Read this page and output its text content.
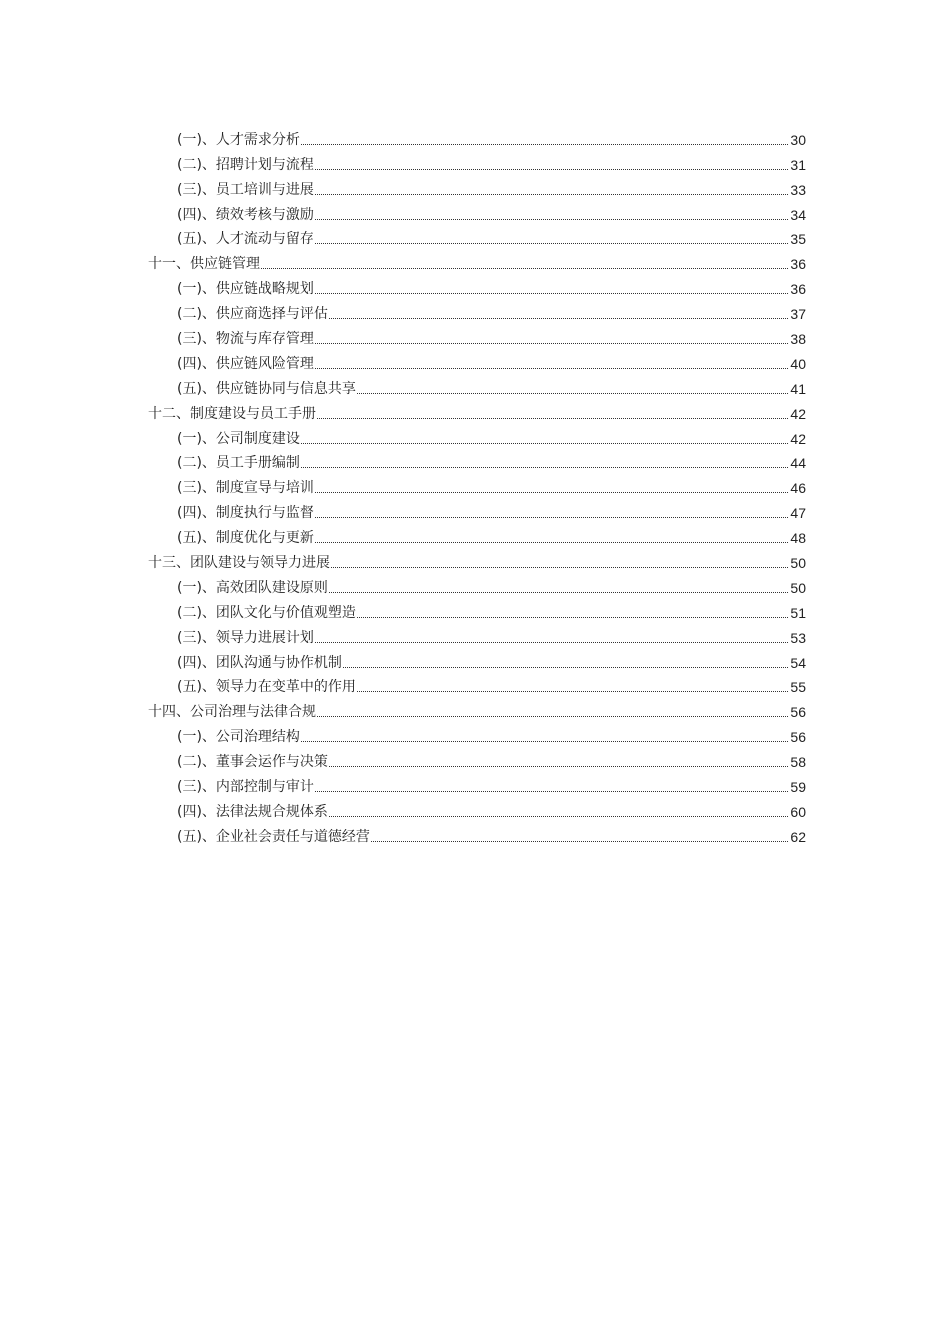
(一)、人才需求分析	30
(二)、招聘计划与流程	31
(三)、员工培训与进展	33
(四)、绩效考核与激励	34
(五)、人才流动与留存	35
十一、供应链管理	36
(一)、供应链战略规划	36
(二)、供应商选择与评估	37
(三)、物流与库存管理	38
(四)、供应链风险管理	40
(五)、供应链协同与信息共享	41
十二、制度建设与员工手册	42
(一)、公司制度建设	42
(二)、员工手册编制	44
(三)、制度宣导与培训	46
(四)、制度执行与监督	47
(五)、制度优化与更新	48
十三、团队建设与领导力进展	50
(一)、高效团队建设原则	50
(二)、团队文化与价值观塑造	51
(三)、领导力进展计划	53
(四)、团队沟通与协作机制	54
(五)、领导力在变革中的作用	55
十四、公司治理与法律合规	56
(一)、公司治理结构	56
(二)、董事会运作与决策	58
(三)、内部控制与审计	59
(四)、法律法规合规体系	60
(五)、企业社会责任与道德经营	62
